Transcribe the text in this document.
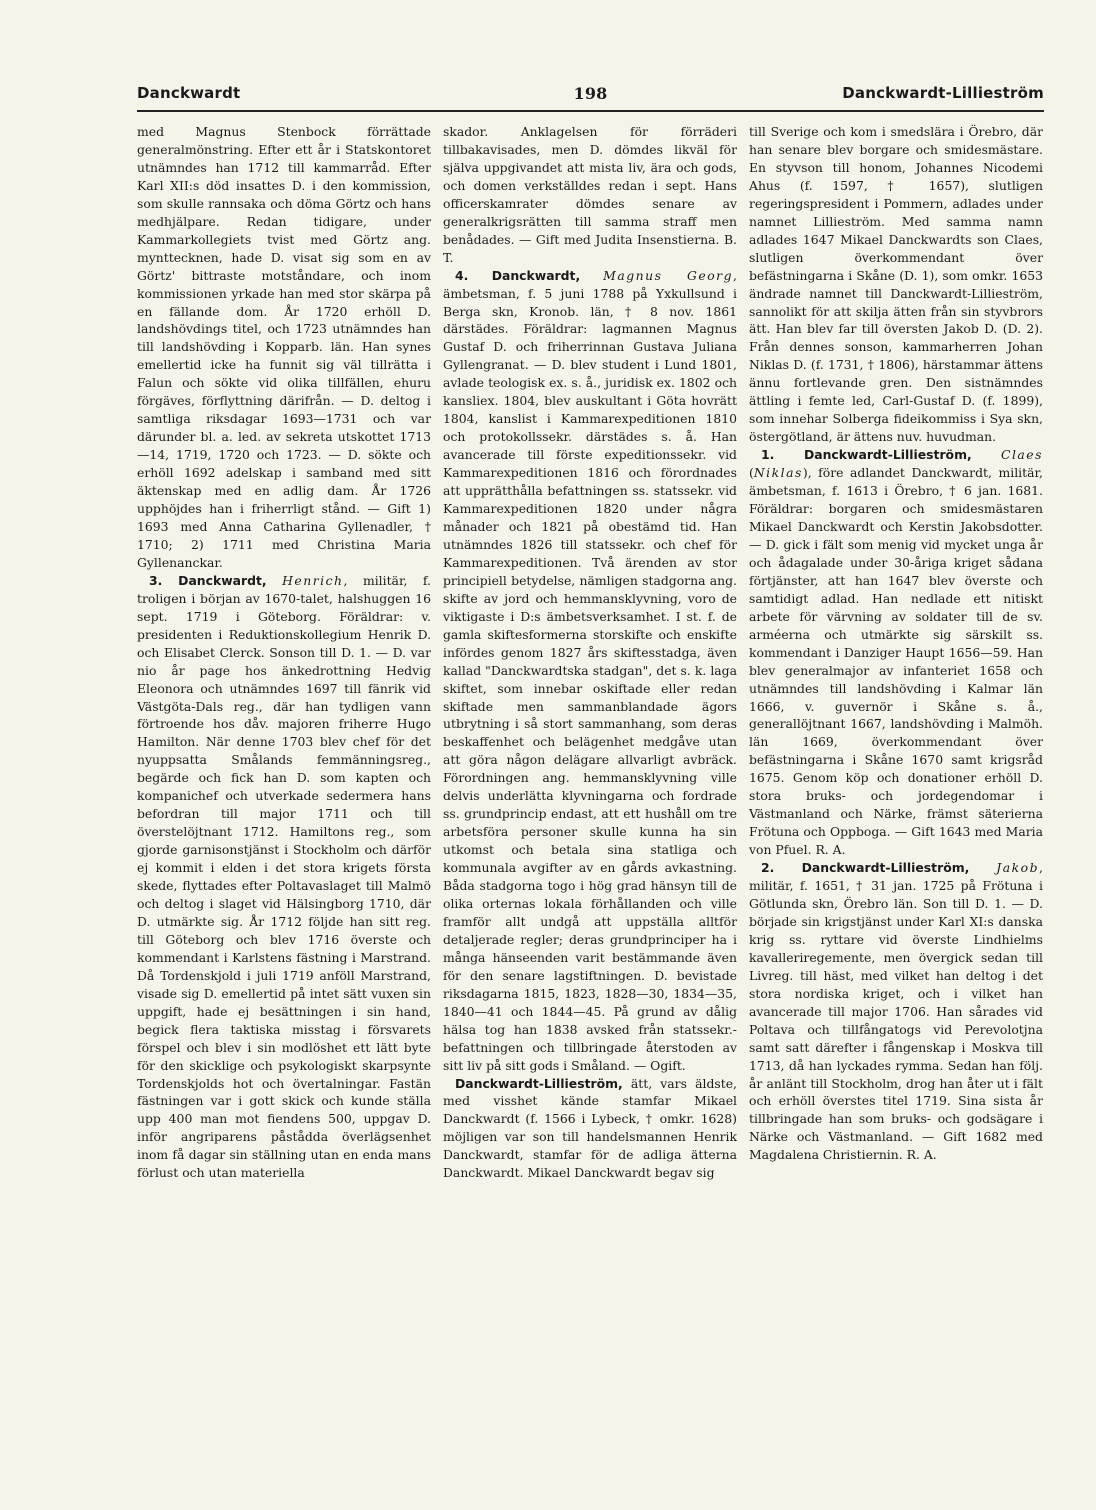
Danckwardt	198	Danckwardt-Lillieström

med Magnus Stenbock förrättade generalmönstring. Efter ett år i Statskontoret utnämndes han 1712 till kammarråd. Efter Karl XII:s död insattes D. i den kommission, som skulle rannsaka och döma Görtz och hans medhjälpare. Redan tidigare, under Kammarkollegiets tvist med Görtz ang. mynttecknen, hade D. visat sig som en av Görtz' bittraste motståndare, och inom kommissionen yrkade han med stor skärpa på en fällande dom. År 1720 erhöll D. landshövdings titel, och 1723 utnämndes han till landshövding i Kopparb. län. Han synes emellertid icke ha funnit sig väl tillrätta i Falun och sökte vid olika tillfällen, ehuru förgäves, förflyttning därifrån. — D. deltog i samtliga riksdagar 1693—1731 och var därunder bl. a. led. av sekreta utskottet 1713—14, 1719, 1720 och 1723. — D. sökte och erhöll 1692 adelskap i samband med sitt äktenskap med en adlig dam. År 1726 upphöjdes han i friherrligt stånd. — Gift 1) 1693 med Anna Catharina Gyllenadler, † 1710; 2) 1711 med Christina Maria Gyllenanckar.

3. Danckwardt, Henrich, militär, f. troligen i början av 1670-talet, halshuggen 16 sept. 1719 i Göteborg. Föräldrar: v. presidenten i Reduktionskollegium Henrik D. och Elisabet Clerck. Sonson till D. 1. — D. var nio år page hos änkedrottning Hedvig Eleonora och utnämndes 1697 till fänrik vid Västgöta-Dals reg., där han tydligen vann förtroende hos dåv. majoren friherre Hugo Hamilton. När denne 1703 blev chef för det nyuppsatta Smålands femmänningsreg., begärde och fick han D. som kapten och kompanichef och utverkade sedermera hans befordran till major 1711 och till överstelöjtnant 1712. Hamiltons reg., som gjorde garnisonstjänst i Stockholm och därför ej kommit i elden i det stora krigets första skede, flyttades efter Poltavaslaget till Malmö och deltog i slaget vid Hälsingborg 1710, där D. utmärkte sig. År 1712 följde han sitt reg. till Göteborg och blev 1716 överste och kommendant i Karlstens fästning i Marstrand. Då Tordenskjold i juli 1719 anföll Marstrand, visade sig D. emellertid på intet sätt vuxen sin uppgift, hade ej besättningen i sin hand, begick flera taktiska misstag i försvarets förspel och blev i sin modlöshet ett lätt byte för den skicklige och psykologiskt skarpsynte Tordenskjolds hot och övertalningar. Fastän fästningen var i gott skick och kunde ställa upp 400 man mot fiendens 500, uppgav D. inför angriparens påstådda överlägsenhet inom få dagar sin ställning utan en enda mans förlust och utan materiella

skador. Anklagelsen för förräderi tillbakavisades, men D. dömdes likväl för själva uppgivandet att mista liv, ära och gods, och domen verkställdes redan i sept. Hans officerskamrater dömdes senare av generalkrigsrätten till samma straff men benådades. — Gift med Judita Insenstierna. B. T.

4. Danckwardt, Magnus Georg, ämbetsman, f. 5 juni 1788 på Yxkullsund i Berga skn, Kronob. län, † 8 nov. 1861 därstädes. Föräldrar: lagmannen Magnus Gustaf D. och friherrinnan Gustava Juliana Gyllengranat. — D. blev student i Lund 1801, avlade teologisk ex. s. å., juridisk ex. 1802 och kansliex. 1804, blev auskultant i Göta hovrätt 1804, kanslist i Kammarexpeditionen 1810 och protokollssekr. därstädes s. å. Han avancerade till förste expeditionssekr. vid Kammarexpeditionen 1816 och förordnades att upprätthålla befattningen ss. statssekr. vid Kammarexpeditionen 1820 under några månader och 1821 på obestämd tid. Han utnämndes 1826 till statssekr. och chef för Kammarexpeditionen. Två ärenden av stor principiell betydelse, nämligen stadgorna ang. skifte av jord och hemmansklyvning, voro de viktigaste i D:s ämbetsverksamhet. I st. f. de gamla skiftesformerna storskifte och enskifte infördes genom 1827 års skiftesstadga, även kallad "Danckwardtska stadgan", det s. k. laga skiftet, som innebar oskiftade eller redan skiftade men sammanblandade ägors utbrytning i så stort sammanhang, som deras beskaffenhet och belägenhet medgåve utan att göra någon delägare allvarligt avbräck. Förordningen ang. hemmansklyvning ville delvis underlätta klyvningarna och fordrade ss. grundprincip endast, att ett hushåll om tre arbetsföra personer skulle kunna ha sin utkomst och betala sina statliga och kommunala avgifter av en gårds avkastning. Båda stadgorna togo i hög grad hänsyn till de olika orternas lokala förhållanden och ville framför allt undgå att uppställa alltför detaljerade regler; deras grundprinciper ha i många hänseenden varit bestämmande även för den senare lagstiftningen. D. bevistade riksdagarna 1815, 1823, 1828—30, 1834—35, 1840—41 och 1844—45. På grund av dålig hälsa tog han 1838 avsked från statssekr.-befattningen och tillbringade återstoden av sitt liv på sitt gods i Småland. — Ogift.

Danckwardt-Lillieström, ätt, vars äldste, med visshet kände stamfar Mikael Danckwardt (f. 1566 i Lybeck, † omkr. 1628) möjligen var son till handelsmannen Henrik Danckwardt, stamfar för de adliga ätterna Danckwardt. Mikael Danckwardt begav sig

till Sverige och kom i smedslära i Örebro, där han senare blev borgare och smidesmästare. En styvson till honom, Johannes Nicodemi Ahus (f. 1597, † 1657), slutligen regeringspresident i Pommern, adlades under namnet Lillieström. Med samma namn adlades 1647 Mikael Danckwardts son Claes, slutligen överkommendant över befästningarna i Skåne (D. 1), som omkr. 1653 ändrade namnet till Danckwardt-Lillieström, sannolikt för att skilja ätten från sin styvbrors ätt. Han blev far till översten Jakob D. (D. 2). Från dennes sonson, kammarherren Johan Niklas D. (f. 1731, † 1806), härstammar ättens ännu fortlevande gren. Den sistnämndes ättling i femte led, Carl-Gustaf D. (f. 1899), som innehar Solberga fideikommiss i Sya skn, östergötland, är ättens nuv. huvudman.

1. Danckwardt-Lillieström, Claes (Niklas), före adlandet Danckwardt, militär, ämbetsman, f. 1613 i Örebro, † 6 jan. 1681. Föräldrar: borgaren och smidesmästaren Mikael Danckwardt och Kerstin Jakobsdotter. — D. gick i fält som menig vid mycket unga år och ådagalade under 30-åriga kriget sådana förtjänster, att han 1647 blev överste och samtidigt adlad. Han nedlade ett nitiskt arbete för värvning av soldater till de sv. arméerna och utmärkte sig särskilt ss. kommendant i Danziger Haupt 1656—59. Han blev generalmajor av infanteriet 1658 och utnämndes till landshövding i Kalmar län 1666, v. guvernör i Skåne s. å., generallöjtnant 1667, landshövding i Malmöh. län 1669, överkommendant över befästningarna i Skåne 1670 samt krigsråd 1675. Genom köp och donationer erhöll D. stora bruks- och jordegendomar i Västmanland och Närke, främst säterierna Frötuna och Oppboga. — Gift 1643 med Maria von Pfuel. R. A.

2. Danckwardt-Lillieström, Jakob, militär, f. 1651, † 31 jan. 1725 på Frötuna i Götlunda skn, Örebro län. Son till D. 1. — D. började sin krigstjänst under Karl XI:s danska krig ss. ryttare vid överste Lindhielms kavalleriregemente, men övergick sedan till Livreg. till häst, med vilket han deltog i det stora nordiska kriget, och i vilket han avancerade till major 1706. Han sårades vid Poltava och tillfångatogs vid Perevolotjna samt satt därefter i fångenskap i Moskva till 1713, då han lyckades rymma. Sedan han följ. år anlänt till Stockholm, drog han åter ut i fält och erhöll överstes titel 1719. Sina sista år tillbringade han som bruks- och godsägare i Närke och Västmanland. — Gift 1682 med Magdalena Christiernin. R. A.
